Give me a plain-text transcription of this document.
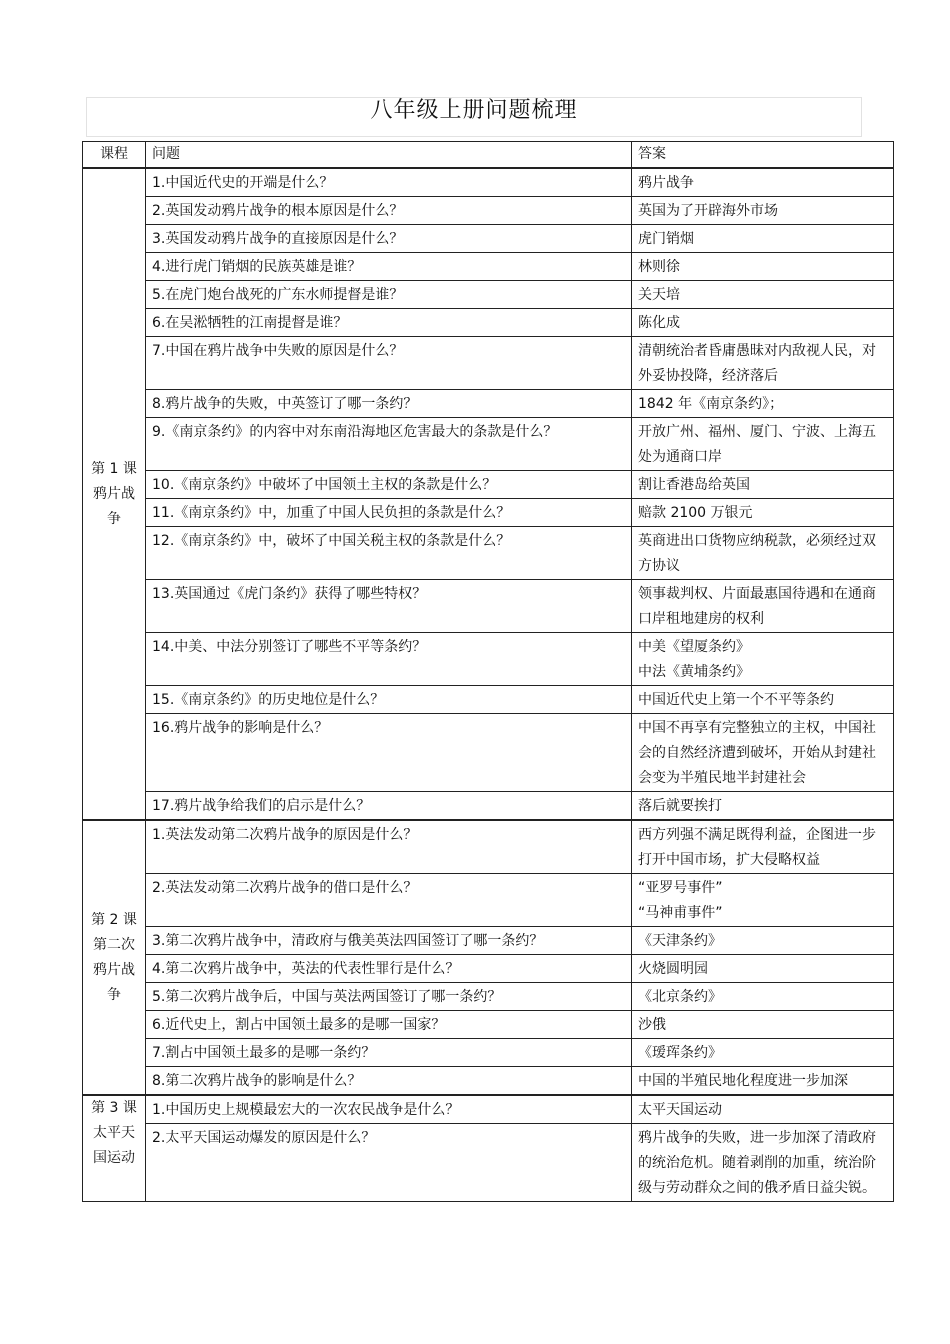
八年级上册问题梳理
课程	问题	答案
第 1 课 鸦片战争	1.中国近代史的开端是什么？	鸦片战争
	2.英国发动鸦片战争的根本原因是什么？	英国为了开辟海外市场
	3.英国发动鸦片战争的直接原因是什么？	虎门销烟
	4.进行虎门销烟的民族英雄是谁？	林则徐
	5.在虎门炮台战死的广东水师提督是谁？	关天培
	6.在吴淞牺牲的江南提督是谁？	陈化成
	7.中国在鸦片战争中失败的原因是什么？	清朝统治者昏庸愚昧对内敌视人民，对外妥协投降，经济落后
	8.鸦片战争的失败，中英签订了哪一条约？	1842 年《南京条约》；
	9.《南京条约》的内容中对东南沿海地区危害最大的条款是什么？	开放广州、福州、厦门、宁波、上海五处为通商口岸
	10.《南京条约》中破坏了中国领土主权的条款是什么？	割让香港岛给英国
	11.《南京条约》中，加重了中国人民负担的条款是什么？	赔款 2100 万银元
	12.《南京条约》中，破坏了中国关税主权的条款是什么？	英商进出口货物应纳税款，必须经过双方协议
	13.英国通过《虎门条约》获得了哪些特权？	领事裁判权、片面最惠国待遇和在通商口岸租地建房的权利
	14.中美、中法分别签订了哪些不平等条约？	中美《望厦条约》
中法《黄埔条约》
	15.《南京条约》的历史地位是什么？	中国近代史上第一个不平等条约
	16.鸦片战争的影响是什么？	中国不再享有完整独立的主权，中国社会的自然经济遭到破坏，开始从封建社会变为半殖民地半封建社会
	17.鸦片战争给我们的启示是什么？	落后就要挨打
第 2 课 第二次鸦片战争	1.英法发动第二次鸦片战争的原因是什么？	西方列强不满足既得利益，企图进一步打开中国市场，扩大侵略权益
	2.英法发动第二次鸦片战争的借口是什么？	“亚罗号事件”
“马神甫事件”
	3.第二次鸦片战争中，清政府与俄美英法四国签订了哪一条约？	《天津条约》
	4.第二次鸦片战争中，英法的代表性罪行是什么？	火烧圆明园
	5.第二次鸦片战争后，中国与英法两国签订了哪一条约？	《北京条约》
	6.近代史上，割占中国领土最多的是哪一国家？	沙俄
	7.割占中国领土最多的是哪一条约？	《瑷珲条约》
	8.第二次鸦片战争的影响是什么？	中国的半殖民地化程度进一步加深
第 3 课 太平天国运动	1.中国历史上规模最宏大的一次农民战争是什么？	太平天国运动
	2.太平天国运动爆发的原因是什么？	鸦片战争的失败，进一步加深了清政府的统治危机。随着剥削的加重，统治阶级与劳动群众之间的俄矛盾日益尖锐。
